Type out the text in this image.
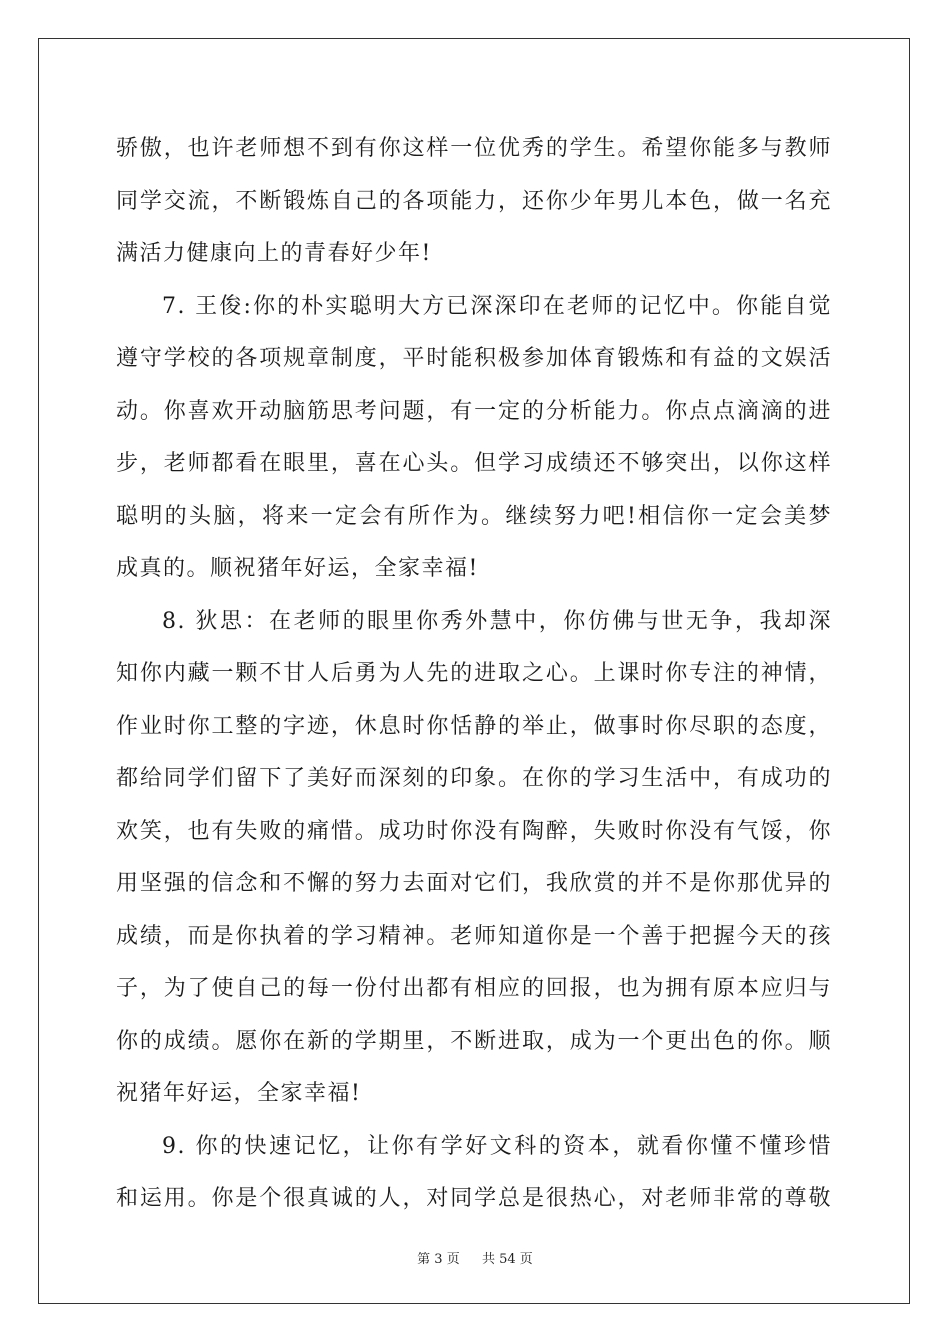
骄傲，也许老师想不到有你这样一位优秀的学生。希望你能多与教师
同学交流，不断锻炼自己的各项能力，还你少年男儿本色，做一名充
满活力健康向上的青春好少年!
7. 王俊:你的朴实聪明大方已深深印在老师的记忆中。你能自觉
遵守学校的各项规章制度，平时能积极参加体育锻炼和有益的文娱活
动。你喜欢开动脑筋思考问题，有一定的分析能力。你点点滴滴的进
步，老师都看在眼里，喜在心头。但学习成绩还不够突出，以你这样
聪明的头脑，将来一定会有所作为。继续努力吧!相信你一定会美梦
成真的。顺祝猪年好运，全家幸福!
8. 狄思：在老师的眼里你秀外慧中，你仿佛与世无争，我却深
知你内藏一颗不甘人后勇为人先的进取之心。上课时你专注的神情，
作业时你工整的字迹，休息时你恬静的举止，做事时你尽职的态度，
都给同学们留下了美好而深刻的印象。在你的学习生活中，有成功的
欢笑，也有失败的痛惜。成功时你没有陶醉，失败时你没有气馁，你
用坚强的信念和不懈的努力去面对它们，我欣赏的并不是你那优异的
成绩，而是你执着的学习精神。老师知道你是一个善于把握今天的孩
子，为了使自己的每一份付出都有相应的回报，也为拥有原本应归与
你的成绩。愿你在新的学期里，不断进取，成为一个更出色的你。顺
祝猪年好运，全家幸福!
9. 你的快速记忆，让你有学好文科的资本，就看你懂不懂珍惜
和运用。你是个很真诚的人，对同学总是很热心，对老师非常的尊敬
第 3 页 共 54 页
